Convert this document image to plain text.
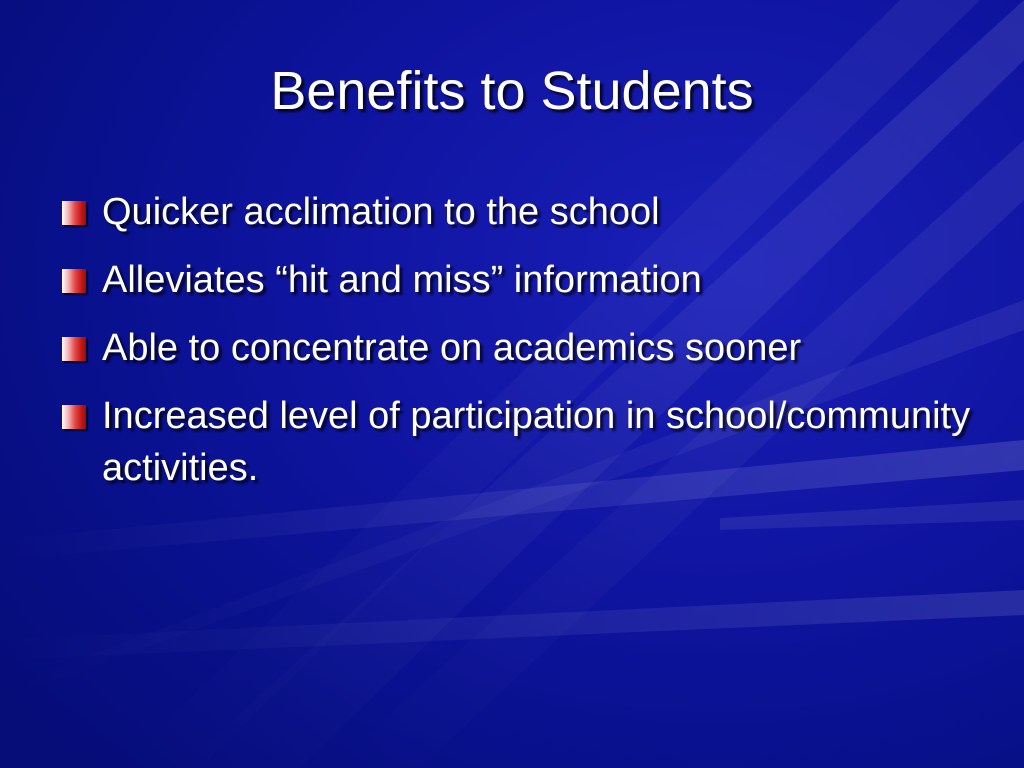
Benefits to Students
Quicker acclimation to the school
Alleviates “hit and miss” information
Able to concentrate on academics sooner
Increased level of participation in school/community activities.
